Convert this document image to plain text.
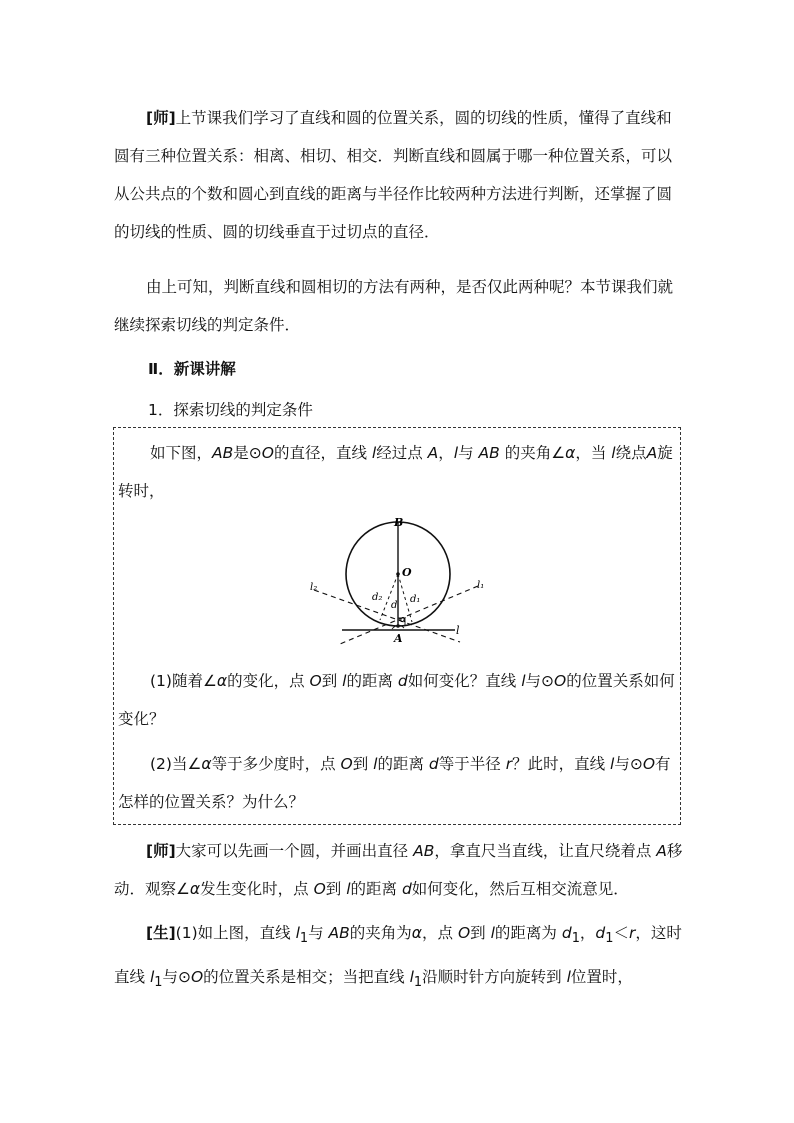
[师]上节课我们学习了直线和圆的位置关系，圆的切线的性质，懂得了直线和圆有三种位置关系：相离、相切、相交．判断直线和圆属于哪一种位置关系，可以从公共点的个数和圆心到直线的距离与半径作比较两种方法进行判断，还掌握了圆的切线的性质、圆的切线垂直于过切点的直径．

由上可知，判断直线和圆相切的方法有两种，是否仅此两种呢？本节课我们就继续探索切线的判定条件．

Ⅱ．新课讲解
1．探索切线的判定条件

如下图，AB是⊙O的直径，直线 l经过点 A，l与 AB 的夹角∠α，当 l绕点A旋转时，

B
O
A
l
l₁
l₂
d
d₁
d₂
α

(1)随着∠α的变化，点 O到 l的距离 d如何变化？直线 l与⊙O的位置关系如何变化？

(2)当∠α等于多少度时，点 O到 l的距离 d等于半径 r？此时，直线 l与⊙O有怎样的位置关系？为什么？

[师]大家可以先画一个圆，并画出直径 AB，拿直尺当直线，让直尺绕着点 A移动．观察∠α发生变化时，点 O到 l的距离 d如何变化，然后互相交流意见．

[生](1)如上图，直线 $l_1$与 AB的夹角为α，点 O到 l的距离为 $d_1$，$d_1<r$，这时直线 $l_1$与⊙O的位置关系是相交；当把直线 $l_1$沿顺时针方向旋转到 l位置时，
